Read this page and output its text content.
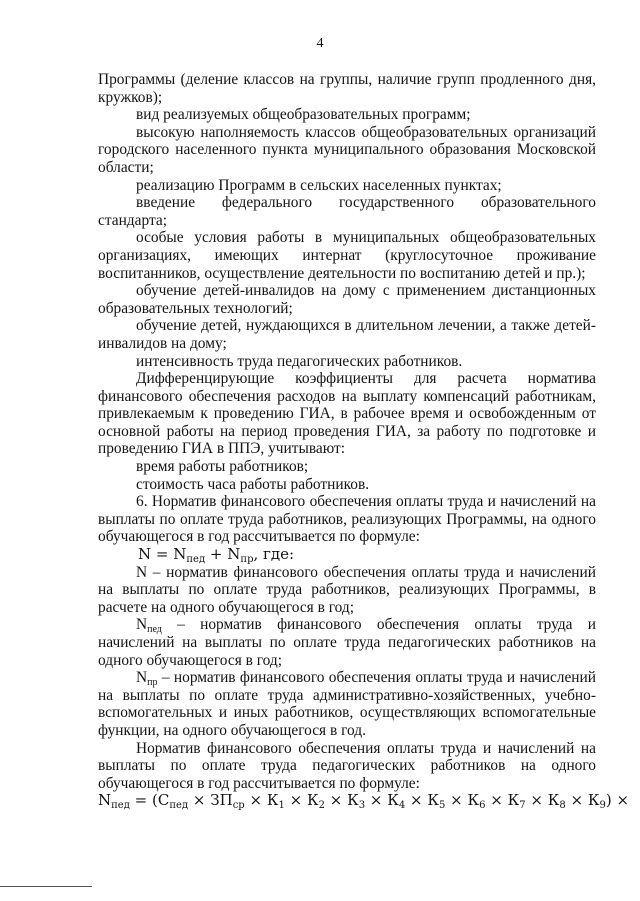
4

Программы (деление классов на группы, наличие групп продленного дня, кружков);

вид реализуемых общеобразовательных программ;

высокую наполняемость классов общеобразовательных организаций городского населенного пункта муниципального образования Московской области;

реализацию Программ в сельских населенных пунктах;

введение федерального государственного образовательного стандарта;

особые условия работы в муниципальных общеобразовательных организациях, имеющих интернат (круглосуточное проживание воспитанников, осуществление деятельности по воспитанию детей и пр.);

обучение детей-инвалидов на дому с применением дистанционных образовательных технологий;

обучение детей, нуждающихся в длительном лечении, а также детей-инвалидов на дому;

интенсивность труда педагогических работников.

Дифференцирующие коэффициенты для расчета норматива финансового обеспечения расходов на выплату компенсаций работникам, привлекаемым к проведению ГИА, в рабочее время и освобожденным от основной работы на период проведения ГИА, за работу по подготовке и проведению ГИА в ППЭ, учитывают:

время работы работников;

стоимость часа работы работников.

6. Норматив финансового обеспечения оплаты труда и начислений на выплаты по оплате труда работников, реализующих Программы, на одного обучающегося в год рассчитывается по формуле:

$N = N_{пед} + N_{пр}$, где:

N – норматив финансового обеспечения оплаты труда и начислений на выплаты по оплате труда работников, реализующих Программы, в расчете на одного обучающегося в год;

$N_{пед}$ – норматив финансового обеспечения оплаты труда и начислений на выплаты по оплате труда педагогических работников на одного обучающегося в год;

$N_{пр}$ – норматив финансового обеспечения оплаты труда и начислений на выплаты по оплате труда административно-хозяйственных, учебно-вспомогательных и иных работников, осуществляющих вспомогательные функции, на одного обучающегося в год.

Норматив финансового обеспечения оплаты труда и начислений на выплаты по оплате труда педагогических работников на одного обучающегося в год рассчитывается по формуле:

$N_{пед} = (С_{пед} \times ЗП_{ср} \times К_1 \times К_2 \times К_3 \times К_4 \times К_5 \times К_6 \times К_7 \times К_8 \times К_9)$ ×
